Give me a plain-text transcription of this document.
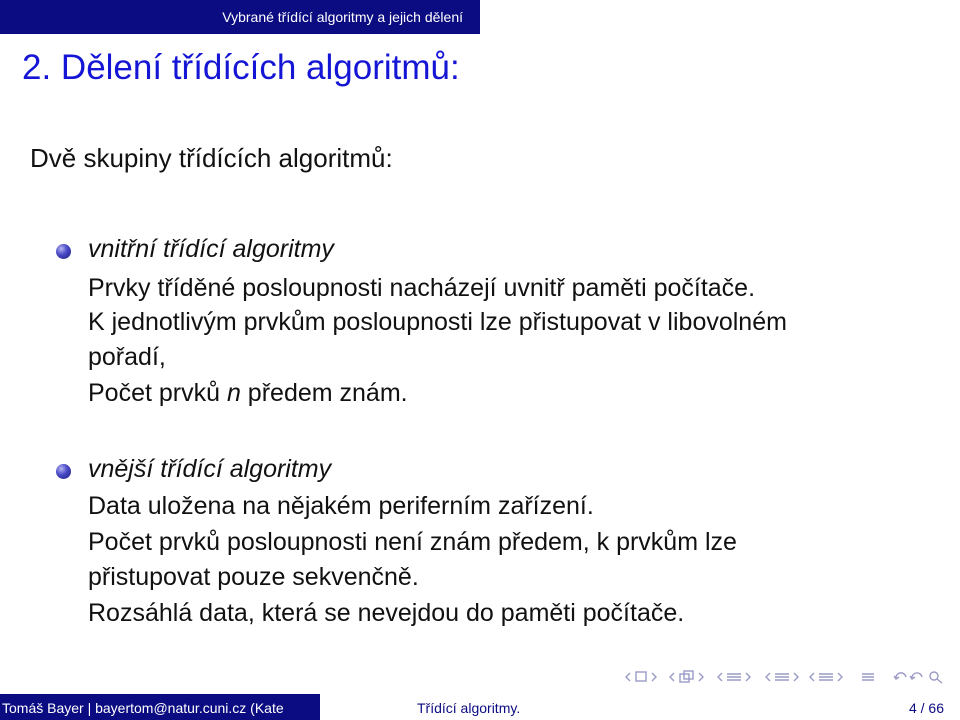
Vybrané třídící algoritmy a jejich dělení
2. Dělení třídících algoritmů:
Dvě skupiny třídících algoritmů:
vnitřní třídící algoritmy
Prvky tříděné posloupnosti nacházejí uvnitř paměti počítače.
K jednotlivým prvkům posloupnosti lze přistupovat v libovolném
pořadí,
Počet prvků n předem znám.
vnější třídící algoritmy
Data uložena na nějakém periferním zařízení.
Počet prvků posloupnosti není znám předem, k prvkům lze
přistupovat pouze sekvenčně.
Rozsáhlá data, která se nevejdou do paměti počítače.
Tomáš Bayer | bayertom@natur.cuni.cz (Kate	Třídící algoritmy.	4 / 66
